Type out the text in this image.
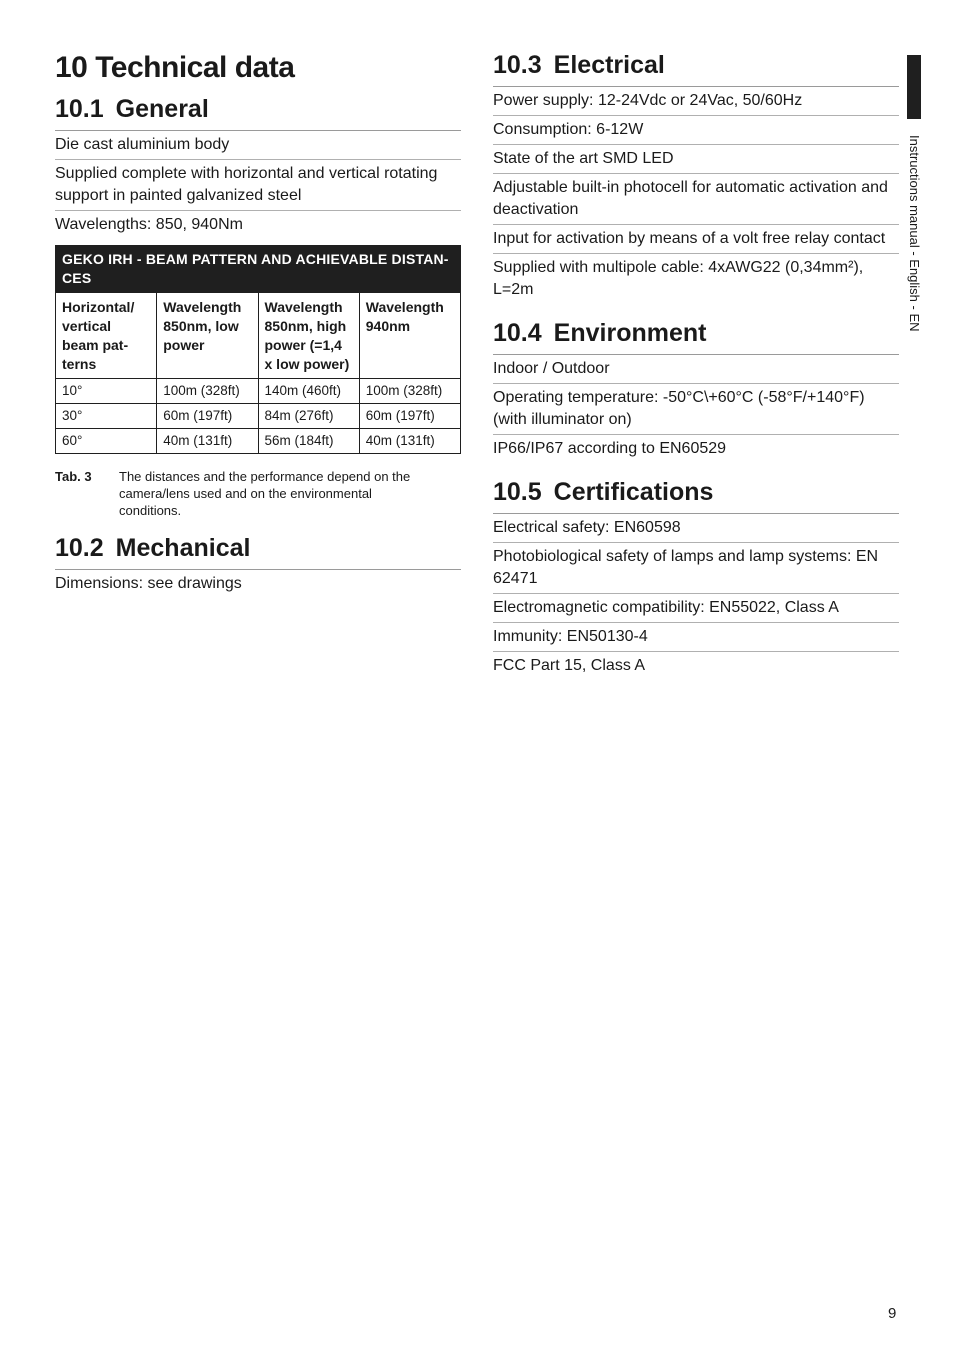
10 Technical data
10.1 General
Die cast aluminium body
Supplied complete with horizontal and vertical rotating support in painted galvanized steel
Wavelengths: 850, 940Nm
GEKO IRH - BEAM PATTERN AND ACHIEVABLE DISTAN-CES
Horizontal/ vertical beam pat-terns	Wavelength 850nm, low power	Wavelength 850nm, high power (=1,4 x low power)	Wavelength 940nm
10°	100m (328ft)	140m (460ft)	100m (328ft)
30°	60m (197ft)	84m (276ft)	60m (197ft)
60°	40m (131ft)	56m (184ft)	40m (131ft)
Tab. 3	The distances and the performance depend on the camera/lens used and on the environmental conditions.
10.2 Mechanical
Dimensions: see drawings
10.3 Electrical
Power supply: 12-24Vdc or 24Vac, 50/60Hz
Consumption: 6-12W
State of the art SMD LED
Adjustable built-in photocell for automatic activation and deactivation
Input for activation by means of a volt free relay contact
Supplied with multipole cable: 4xAWG22 (0,34mm²), L=2m
10.4 Environment
Indoor / Outdoor
Operating temperature: -50°C\+60°C (-58°F/+140°F) (with illuminator on)
IP66/IP67 according to EN60529
10.5 Certifications
Electrical safety: EN60598
Photobiological safety of lamps and lamp systems: EN 62471
Electromagnetic compatibility: EN55022, Class A
Immunity: EN50130-4
FCC Part 15, Class A
Instructions manual - English - EN
9
